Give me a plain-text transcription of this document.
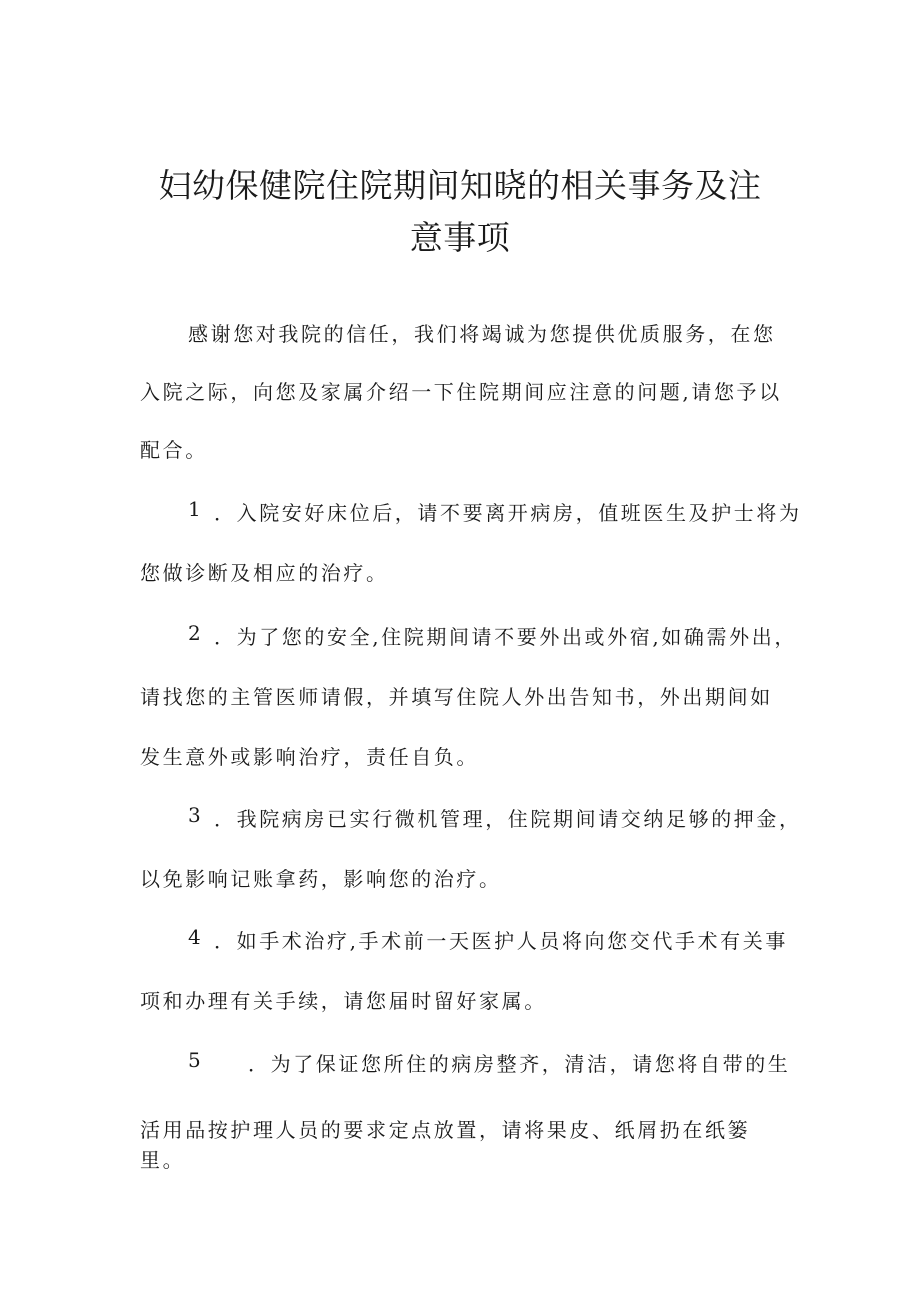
妇幼保健院住院期间知晓的相关事务及注
意事项
感谢您对我院的信任，我们将竭诚为您提供优质服务，在您
入院之际，向您及家属介绍一下住院期间应注意的问题,请您予以
配合。
1 ．入院安好床位后，请不要离开病房，值班医生及护士将为
您做诊断及相应的治疗。
2 ．为了您的安全,住院期间请不要外出或外宿,如确需外出，
请找您的主管医师请假，并填写住院人外出告知书，外出期间如
发生意外或影响治疗，责任自负。
3 ．我院病房已实行微机管理，住院期间请交纳足够的押金，
以免影响记账拿药，影响您的治疗。
4 ．如手术治疗,手术前一天医护人员将向您交代手术有关事
项和办理有关手续，请您届时留好家属。
5 ．为了保证您所住的病房整齐，清洁，请您将自带的生
活用品按护理人员的要求定点放置，请将果皮、纸屑扔在纸篓
里。
